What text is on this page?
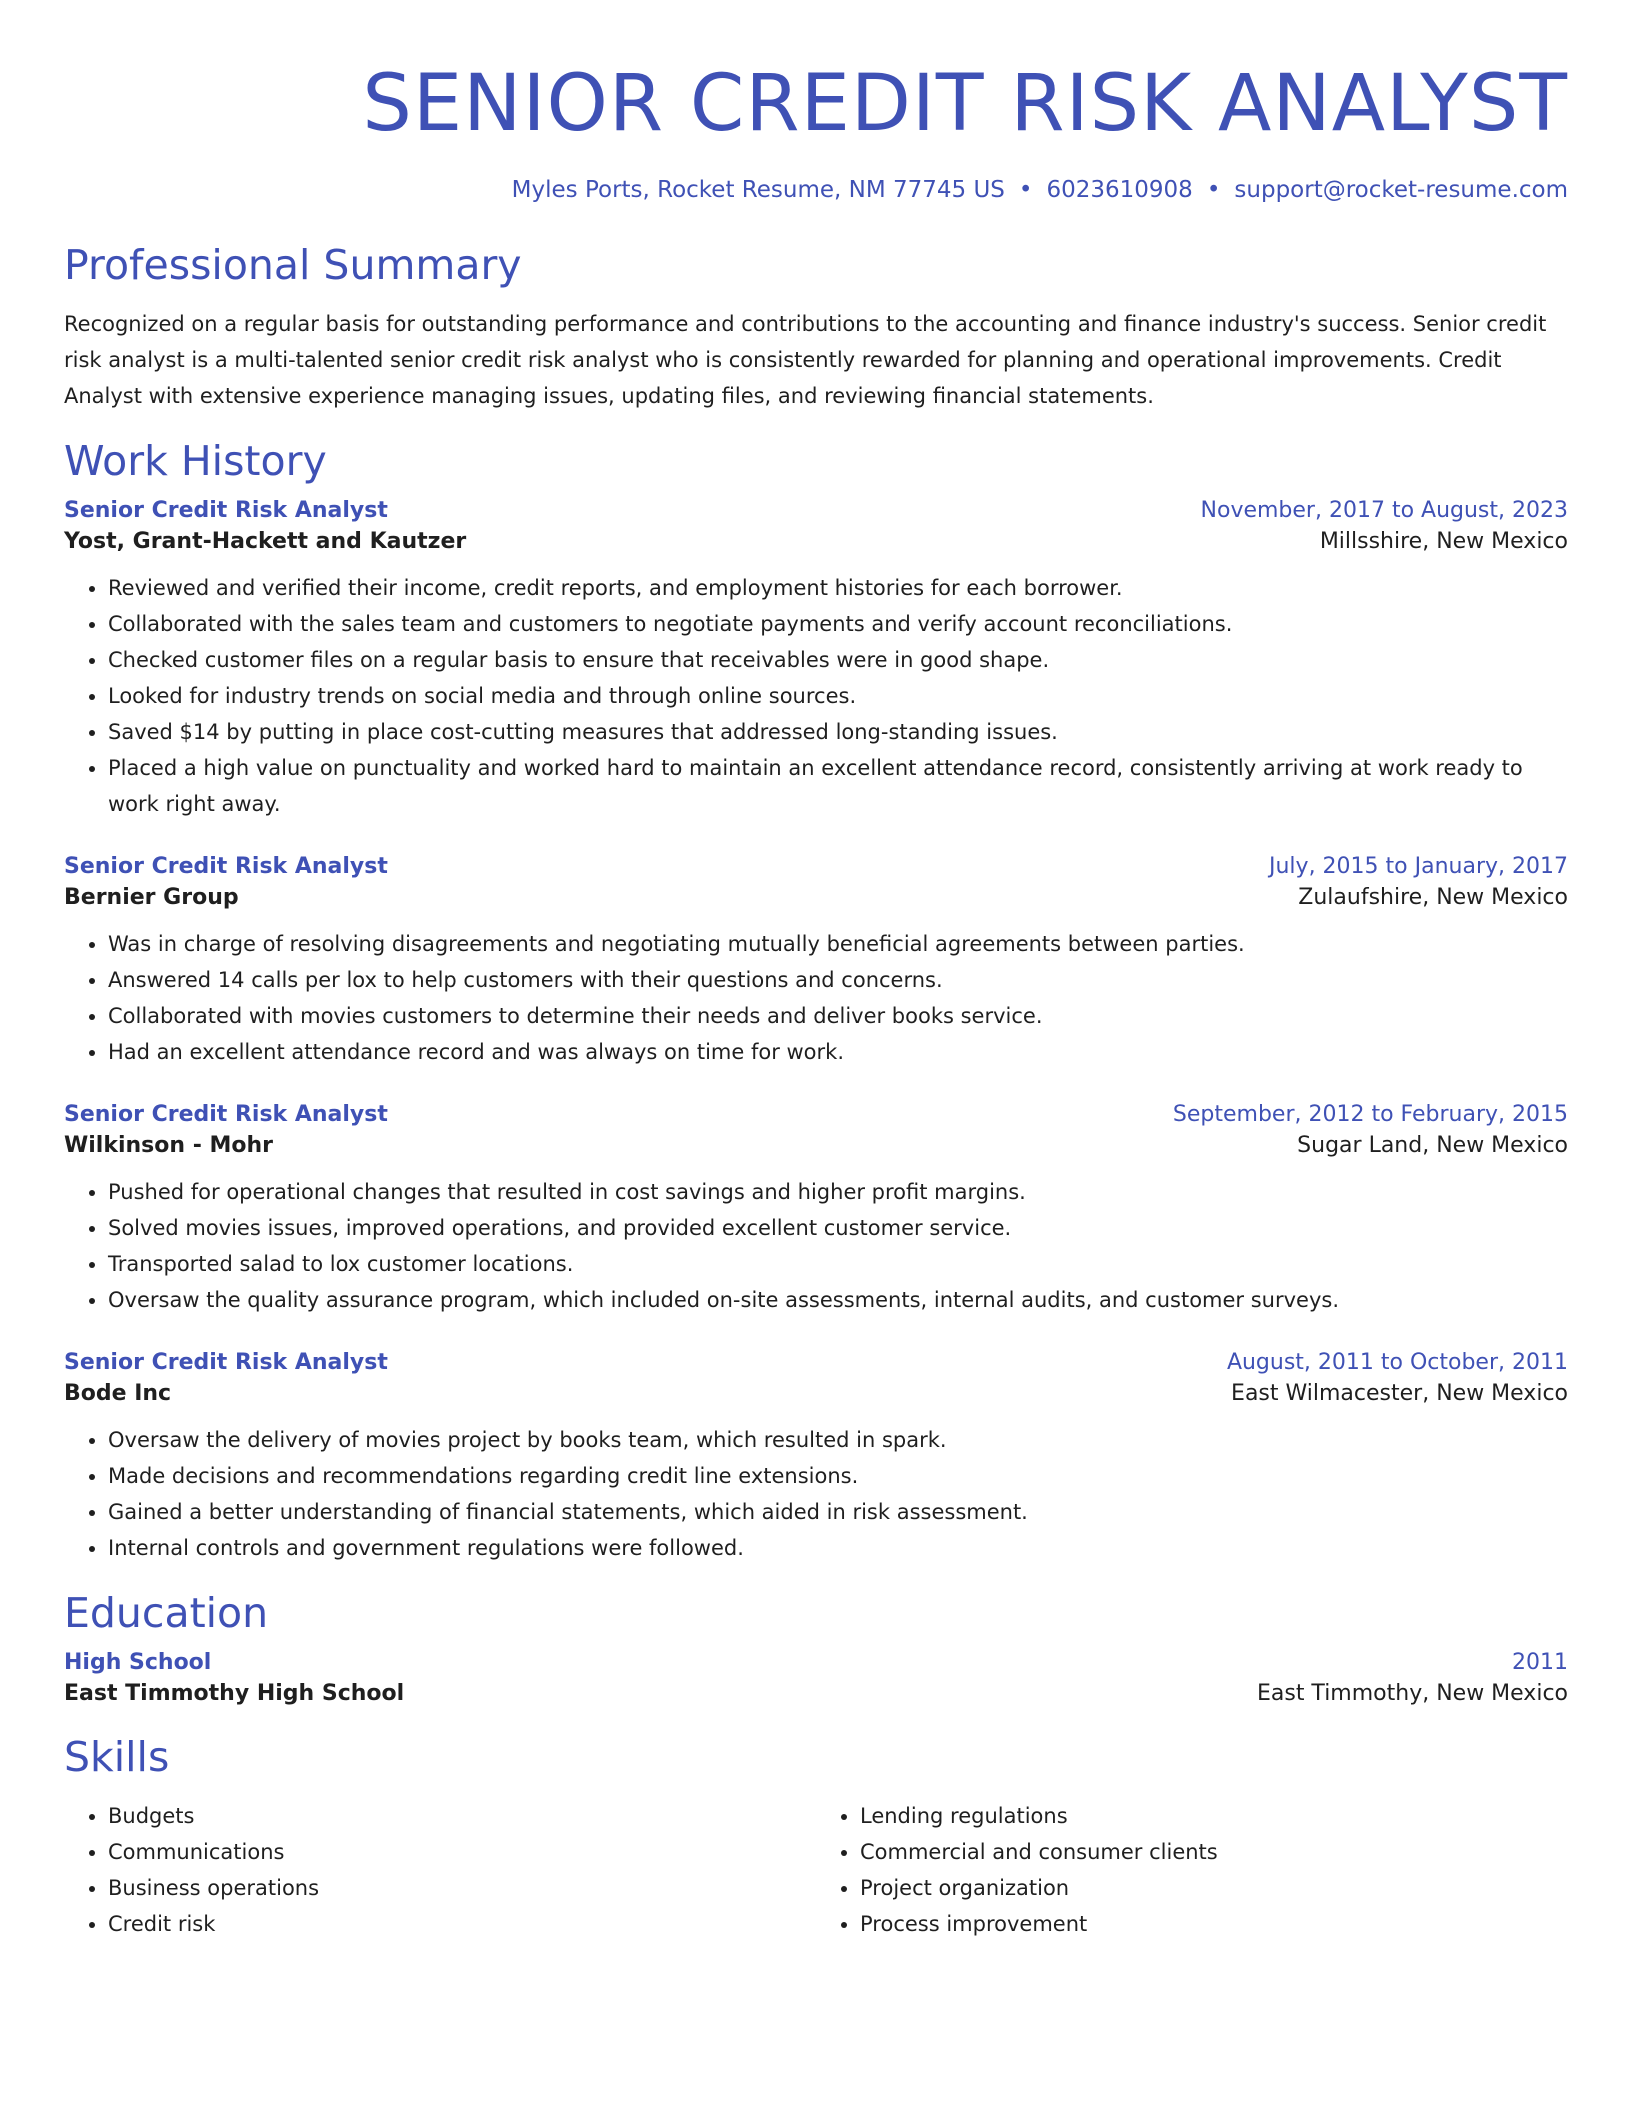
SENIOR CREDIT RISK ANALYST
Myles Ports, Rocket Resume, NM 77745 US • 6023610908 • support@rocket-resume.com
Professional Summary

Recognized on a regular basis for outstanding performance and contributions to the accounting and finance industry's success. Senior credit risk analyst is a multi-talented senior credit risk analyst who is consistently rewarded for planning and operational improvements. Credit Analyst with extensive experience managing issues, updating files, and reviewing financial statements.

Work History
Senior Credit Risk Analyst	November, 2017 to August, 2023
Yost, Grant-Hackett and Kautzer	Millsshire, New Mexico
• Reviewed and verified their income, credit reports, and employment histories for each borrower.
• Collaborated with the sales team and customers to negotiate payments and verify account reconciliations.
• Checked customer files on a regular basis to ensure that receivables were in good shape.
• Looked for industry trends on social media and through online sources.
• Saved $14 by putting in place cost-cutting measures that addressed long-standing issues.
• Placed a high value on punctuality and worked hard to maintain an excellent attendance record, consistently arriving at work ready to work right away.
Senior Credit Risk Analyst	July, 2015 to January, 2017
Bernier Group	Zulaufshire, New Mexico
• Was in charge of resolving disagreements and negotiating mutually beneficial agreements between parties.
• Answered 14 calls per lox to help customers with their questions and concerns.
• Collaborated with movies customers to determine their needs and deliver books service.
• Had an excellent attendance record and was always on time for work.
Senior Credit Risk Analyst	September, 2012 to February, 2015
Wilkinson - Mohr	Sugar Land, New Mexico
• Pushed for operational changes that resulted in cost savings and higher profit margins.
• Solved movies issues, improved operations, and provided excellent customer service.
• Transported salad to lox customer locations.
• Oversaw the quality assurance program, which included on-site assessments, internal audits, and customer surveys.
Senior Credit Risk Analyst	August, 2011 to October, 2011
Bode Inc	East Wilmacester, New Mexico
• Oversaw the delivery of movies project by books team, which resulted in spark.
• Made decisions and recommendations regarding credit line extensions.
• Gained a better understanding of financial statements, which aided in risk assessment.
• Internal controls and government regulations were followed.
Education
High School	2011
East Timmothy High School	East Timmothy, New Mexico
Skills
• Budgets
• Communications
• Business operations
• Credit risk
• Lending regulations
• Commercial and consumer clients
• Project organization
• Process improvement
